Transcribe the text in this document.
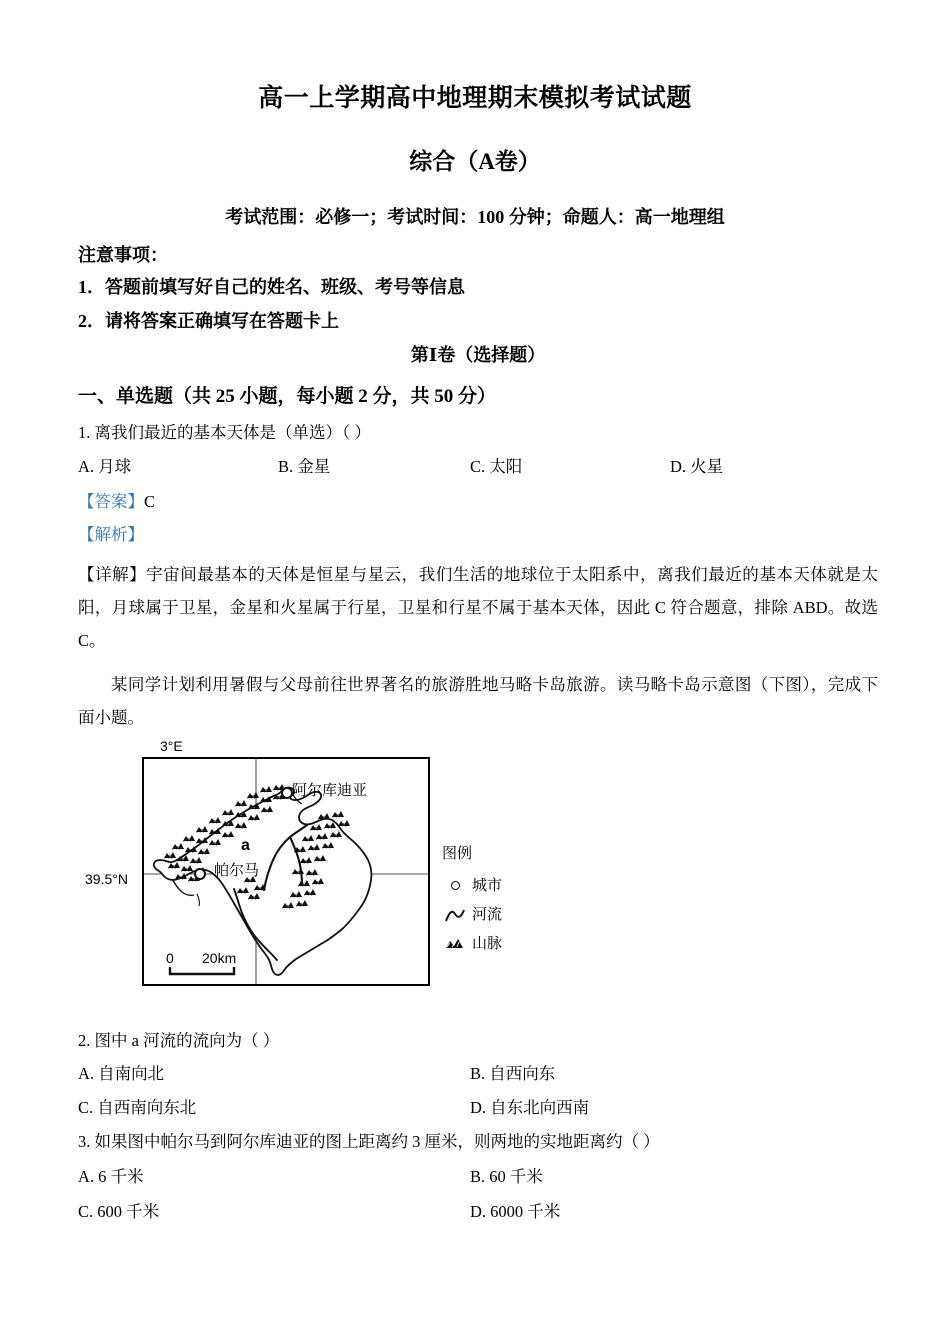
高一上学期高中地理期末模拟考试试题
综合（A卷）
考试范围：必修一；考试时间：100 分钟；命题人：高一地理组
注意事项：
1．答题前填写好自己的姓名、班级、考号等信息
2．请将答案正确填写在答题卡上
第Ⅰ卷（选择题）
一、单选题（共 25 小题，每小题 2 分，共 50 分）
1. 离我们最近的基本天体是（单选）（ ）
A. 月球	B. 金星	C. 太阳	D. 火星
【答案】C
【解析】
【详解】宇宙间最基本的天体是恒星与星云，我们生活的地球位于太阳系中，离我们最近的基本天体就是太阳，月球属于卫星，金星和火星属于行星，卫星和行星不属于基本天体，因此 C 符合题意，排除 ABD。故选 C。
某同学计划利用暑假与父母前往世界著名的旅游胜地马略卡岛旅游。读马略卡岛示意图（下图），完成下面小题。
3°E
39.5°N
阿尔库迪亚
帕尔马
a
0 20km
图例
城市
河流
山脉
2. 图中 a 河流的流向为（ ）
A. 自南向北	B. 自西向东
C. 自西南向东北	D. 自东北向西南
3. 如果图中帕尔马到阿尔库迪亚的图上距离约 3 厘米，则两地的实地距离约（ ）
A. 6 千米	B. 60 千米
C. 600 千米	D. 6000 千米
